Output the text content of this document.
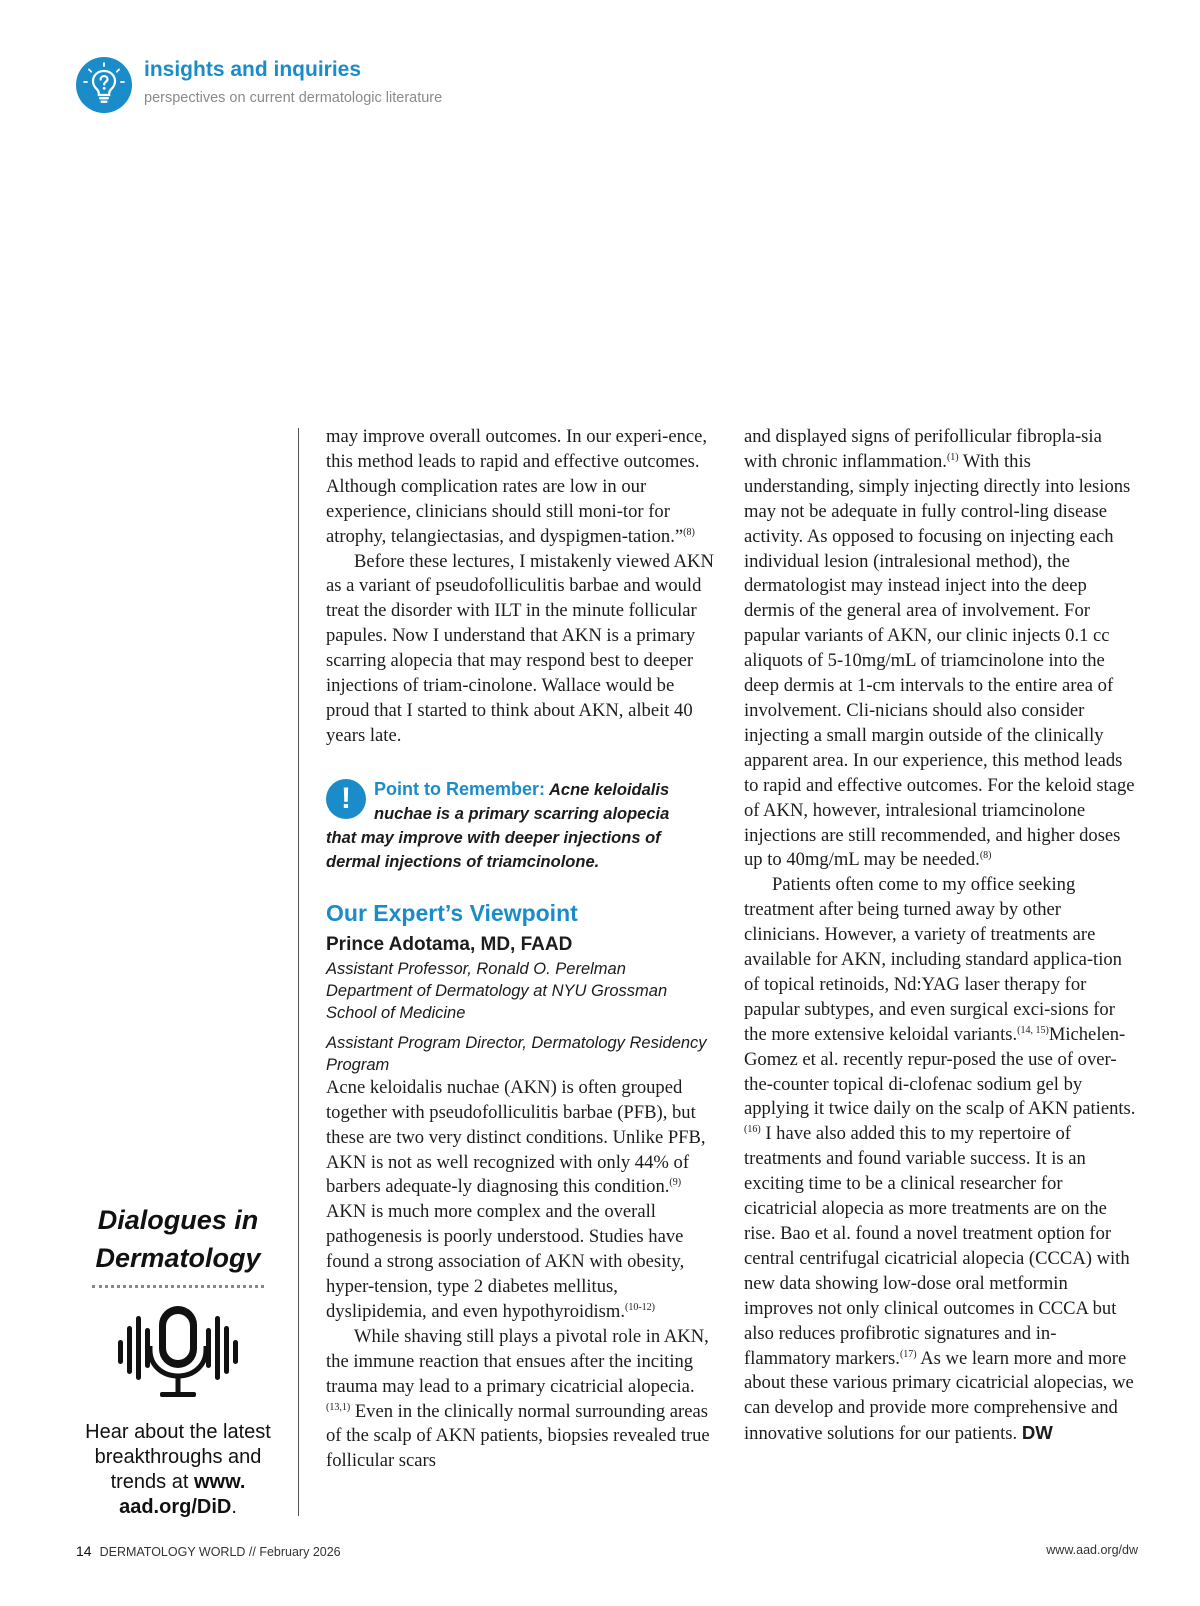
insights and inquiries
perspectives on current dermatologic literature
Dialogues in
Dermatology
Hear about the latest breakthroughs and trends at www. aad.org/DiD.

may improve overall outcomes. In our experi-ence, this method leads to rapid and effective outcomes. Although complication rates are low in our experience, clinicians should still moni-tor for atrophy, telangiectasias, and dyspigmen-tation.”$^{(8)}$

Before these lectures, I mistakenly viewed AKN as a variant of pseudofolliculitis barbae and would treat the disorder with ILT in the minute follicular papules. Now I understand that AKN is a primary scarring alopecia that may respond best to deeper injections of triam-cinolone. Wallace would be proud that I started to think about AKN, albeit 40 years late.

!	Point to Remember: Acne keloidalis nuchae is a primary scarring alopecia
that may improve with deeper injections of dermal injections of triamcinolone.
Our Expert’s Viewpoint
Prince Adotama, MD, FAAD
Assistant Professor, Ronald O. Perelman Department of Dermatology at NYU Grossman School of Medicine
Assistant Program Director, Dermatology Residency Program

Acne keloidalis nuchae (AKN) is often grouped together with pseudofolliculitis barbae (PFB), but these are two very distinct conditions. Unlike PFB, AKN is not as well recognized with only 44% of barbers adequate-ly diagnosing this condition.$^{(9)}$ AKN is much more complex and the overall pathogenesis is poorly understood. Studies have found a strong association of AKN with obesity, hyper-tension, type 2 diabetes mellitus, dyslipidemia, and even hypothyroidism.$^{(10-12)}$

While shaving still plays a pivotal role in AKN, the immune reaction that ensues after the inciting trauma may lead to a primary cicatricial alopecia.$^{(13,1)}$ Even in the clinically normal surrounding areas of the scalp of AKN patients, biopsies revealed true follicular scars

and displayed signs of perifollicular fibropla-sia with chronic inflammation.$^{(1)}$ With this understanding, simply injecting directly into lesions may not be adequate in fully control-ling disease activity. As opposed to focusing on injecting each individual lesion (intralesional method), the dermatologist may instead inject into the deep dermis of the general area of involvement. For papular variants of AKN, our clinic injects 0.1 cc aliquots of 5-10mg/mL of triamcinolone into the deep dermis at 1-cm intervals to the entire area of involvement. Cli-nicians should also consider injecting a small margin outside of the clinically apparent area. In our experience, this method leads to rapid and effective outcomes. For the keloid stage of AKN, however, intralesional triamcinolone injections are still recommended, and higher doses up to 40mg/mL may be needed.$^{(8)}$

Patients often come to my office seeking treatment after being turned away by other clinicians. However, a variety of treatments are available for AKN, including standard applica-tion of topical retinoids, Nd:YAG laser therapy for papular subtypes, and even surgical exci-sions for the more extensive keloidal variants.$^{(14, 15)}$Michelen-Gomez et al. recently repur-posed the use of over-the-counter topical di-clofenac sodium gel by applying it twice daily on the scalp of AKN patients.$^{(16)}$ I have also added this to my repertoire of treatments and found variable success. It is an exciting time to be a clinical researcher for cicatricial alopecia as more treatments are on the rise. Bao et al. found a novel treatment option for central centrifugal cicatricial alopecia (CCCA) with new data showing low-dose oral metformin improves not only clinical outcomes in CCCA but also reduces profibrotic signatures and in-flammatory markers.$^{(17)}$ As we learn more and more about these various primary cicatricial alopecias, we can develop and provide more comprehensive and innovative solutions for our patients. DW

14 DERMATOLOGY WORLD // February 2026	www.aad.org/dw
